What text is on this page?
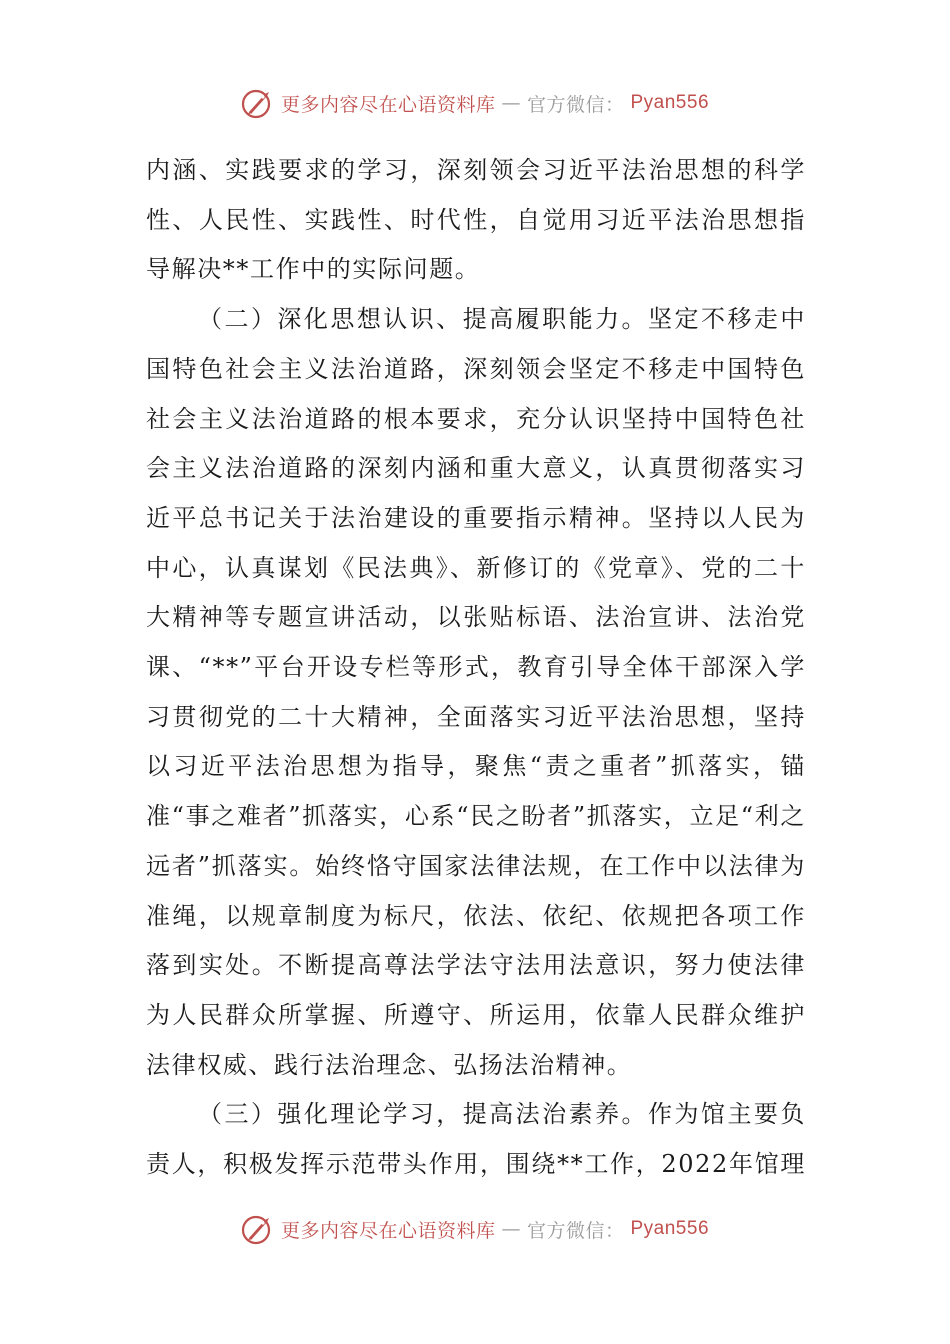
更多内容尽在心语资料库 — 官方微信： Pyan556

内涵、实践要求的学习，深刻领会习近平法治思想的科学性、人民性、实践性、时代性，自觉用习近平法治思想指导解决**工作中的实际问题。

（二）深化思想认识、提高履职能力。坚定不移走中国特色社会主义法治道路，深刻领会坚定不移走中国特色社会主义法治道路的根本要求，充分认识坚持中国特色社会主义法治道路的深刻内涵和重大意义，认真贯彻落实习近平总书记关于法治建设的重要指示精神。坚持以人民为中心，认真谋划《民法典》、新修订的《党章》、党的二十大精神等专题宣讲活动，以张贴标语、法治宣讲、法治党课、“**”平台开设专栏等形式，教育引导全体干部深入学习贯彻党的二十大精神，全面落实习近平法治思想，坚持以习近平法治思想为指导，聚焦“责之重者”抓落实，锚准“事之难者”抓落实，心系“民之盼者”抓落实，立足“利之远者”抓落实。始终恪守国家法律法规，在工作中以法律为准绳，以规章制度为标尺，依法、依纪、依规把各项工作落到实处。不断提高尊法学法守法用法意识，努力使法律为人民群众所掌握、所遵守、所运用，依靠人民群众维护法律权威、践行法治理念、弘扬法治精神。

（三）强化理论学习，提高法治素养。作为馆主要负责人，积极发挥示范带头作用，围绕**工作，2022年馆理

更多内容尽在心语资料库 — 官方微信： Pyan556
